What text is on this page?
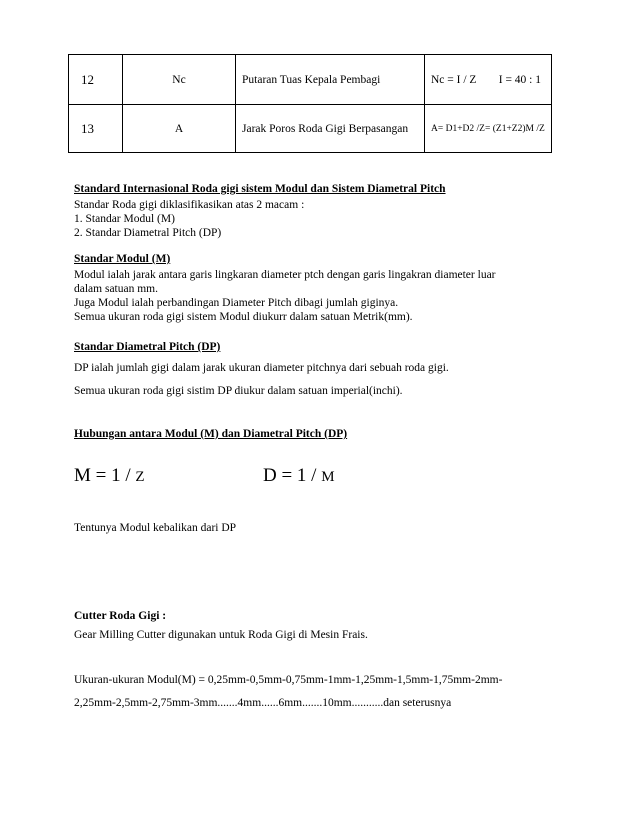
12	Nc	Putaran Tuas Kepala Pembagi	Nc = I / Z I = 40 : 1

13	A	Jarak Poros Roda Gigi Berpasangan	A= D1+D2 /Z= (Z1+Z2)M /Z
Standard Internasional Roda gigi sistem Modul dan Sistem Diametral Pitch
Standar Roda gigi diklasifikasikan atas 2 macam :
1. Standar Modul (M)
2. Standar Diametral Pitch (DP)
Standar Modul (M)
Modul ialah jarak antara garis lingkaran diameter ptch dengan garis lingakran diameter luar
dalam satuan mm.
Juga Modul ialah perbandingan Diameter Pitch dibagi jumlah giginya.
Semua ukuran roda gigi sistem Modul diukurr dalam satuan Metrik(mm).
Standar Diametral Pitch (DP)
DP ialah jumlah gigi dalam jarak ukuran diameter pitchnya dari sebuah roda gigi.
Semua ukuran roda gigi sistim DP diukur dalam satuan imperial(inchi).
Hubungan antara Modul (M) dan Diametral Pitch (DP)
M = 1 / Z	D = 1 / M
Tentunya Modul kebalikan dari DP
Cutter Roda Gigi :
Gear Milling Cutter digunakan untuk Roda Gigi di Mesin Frais.
Ukuran-ukuran Modul(M) = 0,25mm-0,5mm-0,75mm-1mm-1,25mm-1,5mm-1,75mm-2mm-
2,25mm-2,5mm-2,75mm-3mm.......4mm......6mm.......10mm...........dan seterusnya
